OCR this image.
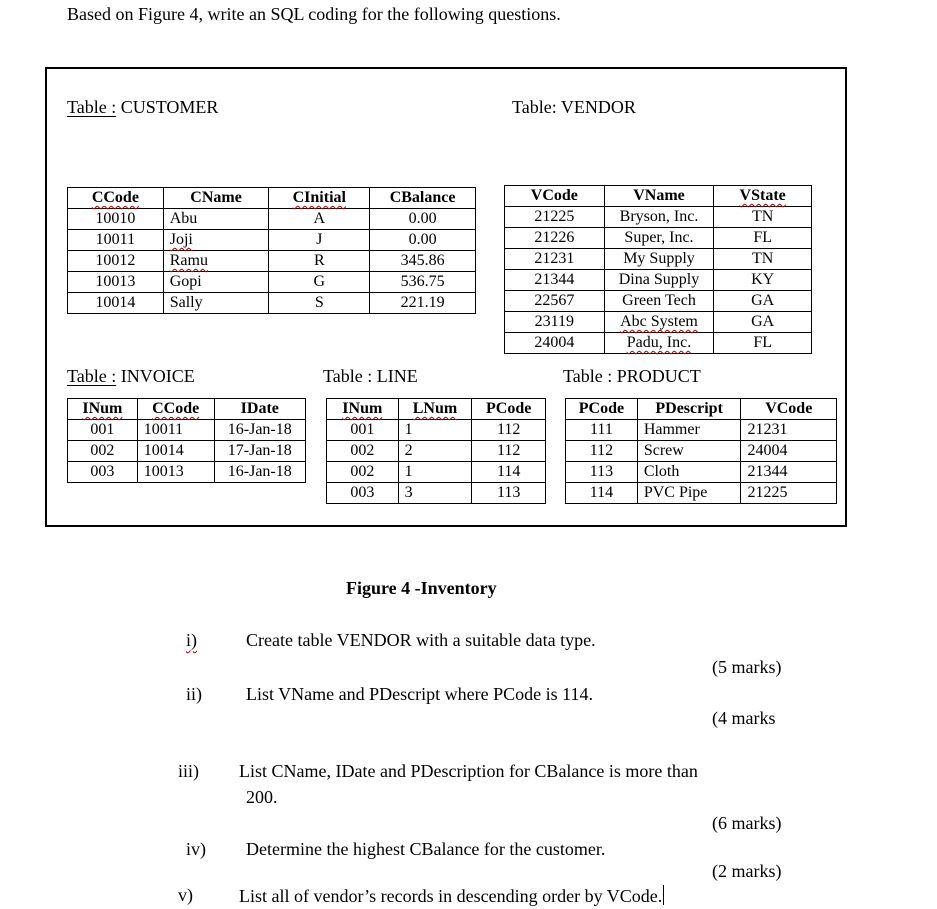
Based on Figure 4, write an SQL coding for the following questions.
Table : CUSTOMER
CCode	CName	CInitial	CBalance
10010	Abu	A	0.00
10011	Joji	J	0.00
10012	Ramu	R	345.86
10013	Gopi	G	536.75
10014	Sally	S	221.19
Table: VENDOR
VCode	VName	VState
21225	Bryson, Inc.	TN
21226	Super, Inc.	FL
21231	My Supply	TN
21344	Dina Supply	KY
22567	Green Tech	GA
23119	Abc System	GA
24004	Padu, Inc.	FL
Table : INVOICE
INum	CCode	IDate
001	10011	16-Jan-18
002	10014	17-Jan-18
003	10013	16-Jan-18
Table : LINE
INum	LNum	PCode
001	1	112
002	2	112
002	1	114
003	3	113
Table : PRODUCT
PCode	PDescript	VCode
111	Hammer	21231
112	Screw	24004
113	Cloth	21344
114	PVC Pipe	21225
Figure 4 -Inventory
i)	Create table VENDOR with a suitable data type.
(5 marks)
ii) List VName and PDescript where PCode is 114.
(4 marks
iii) List CName, IDate and PDescription for CBalance is more than
200.
(6 marks)
iv) Determine the highest CBalance for the customer.
(2 marks)
v)	List all of vendor’s records in descending order by VCode.
